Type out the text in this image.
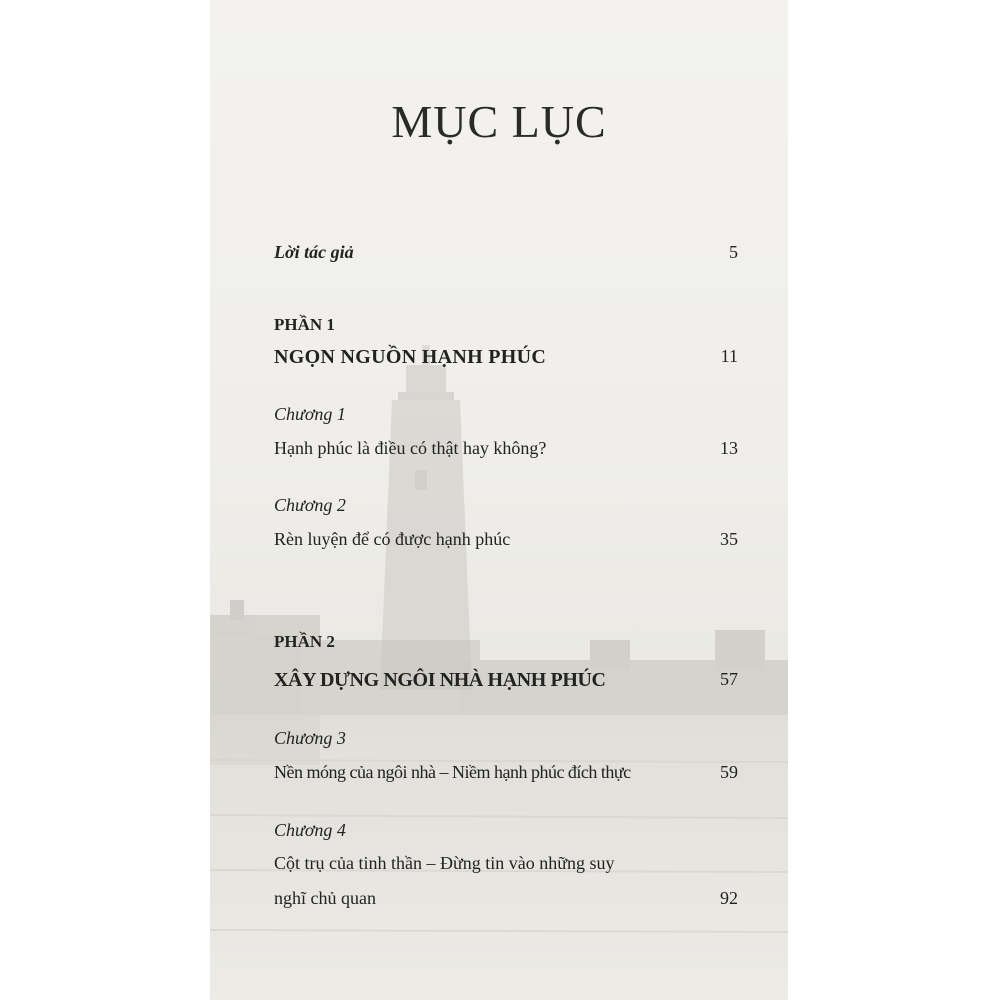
MỤC LỤC
Lời tác giả	5
PHẦN 1
NGỌN NGUỒN HẠNH PHÚC	11
Chương 1
Hạnh phúc là điều có thật hay không?	13
Chương 2
Rèn luyện để có được hạnh phúc	35
PHẦN 2
XÂY DỰNG NGÔI NHÀ HẠNH PHÚC	57
Chương 3
Nền móng của ngôi nhà – Niềm hạnh phúc đích thực	59
Chương 4
Cột trụ của tinh thần – Đừng tin vào những suy
nghĩ chủ quan	92
